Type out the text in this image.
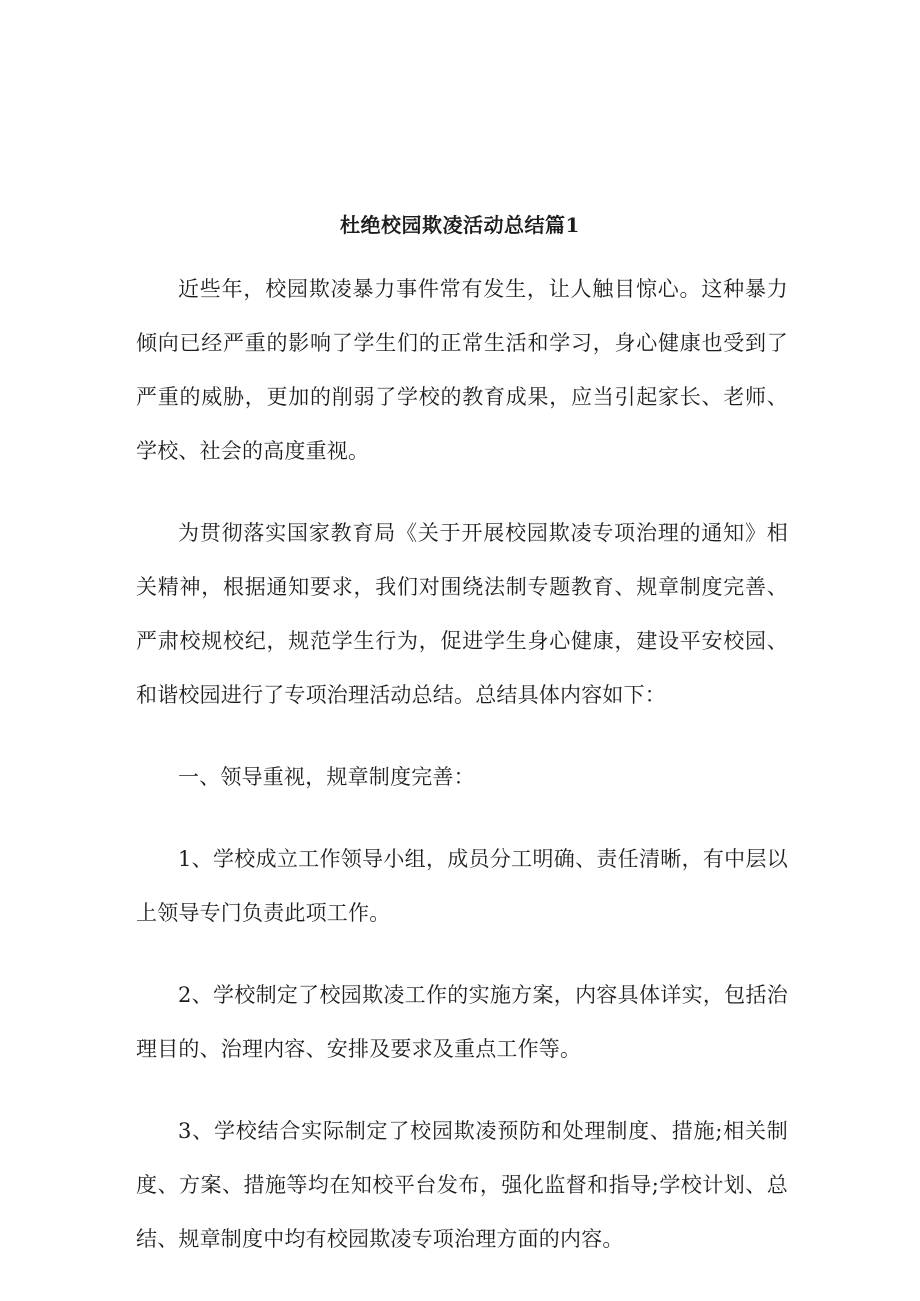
杜绝校园欺凌活动总结篇1

近些年，校园欺凌暴力事件常有发生，让人触目惊心。这种暴力倾向已经严重的影响了学生们的正常生活和学习，身心健康也受到了严重的威胁，更加的削弱了学校的教育成果，应当引起家长、老师、学校、社会的高度重视。

为贯彻落实国家教育局《关于开展校园欺凌专项治理的通知》相关精神，根据通知要求，我们对围绕法制专题教育、规章制度完善、严肃校规校纪，规范学生行为，促进学生身心健康，建设平安校园、和谐校园进行了专项治理活动总结。总结具体内容如下：

一、领导重视，规章制度完善：

1、学校成立工作领导小组，成员分工明确、责任清晰，有中层以上领导专门负责此项工作。

2、学校制定了校园欺凌工作的实施方案，内容具体详实，包括治理目的、治理内容、安排及要求及重点工作等。

3、学校结合实际制定了校园欺凌预防和处理制度、措施;相关制度、方案、措施等均在知校平台发布，强化监督和指导;学校计划、总结、规章制度中均有校园欺凌专项治理方面的内容。
